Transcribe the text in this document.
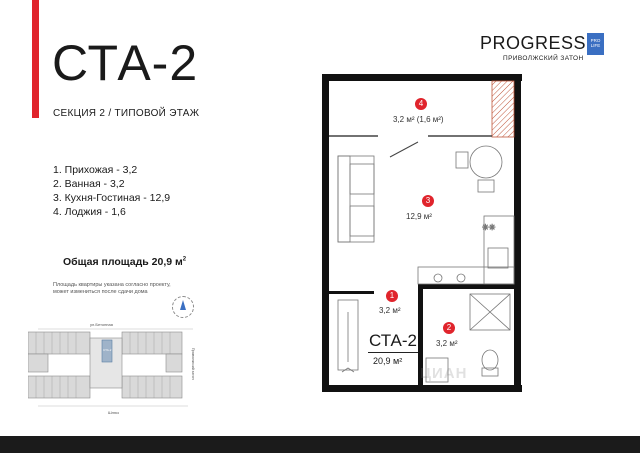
СТА-2
СЕКЦИЯ 2 / ТИПОВОЙ ЭТАЖ
1. Прихожая - 3,2
2. Ванная - 3,2
3. Кухня-Гостиная - 12,9
4. Лоджия - 1,6
Общая площадь 20,9 $м^2$
Площадь квартиры указана согласно проекту, может измениться после сдачи дома
ул.Бетонная
СТА-2	Приволжский затон
Шлюз
PROGRESS	PRO LIFE
ПРИВОЛЖСКИЙ ЗАТОН
✳✳
4
3,2 м² (1,6 м²)
3
12,9 м²
1
3,2 м²
2
3,2 м²
СТА-2
20,9 м²
ЦИАН
